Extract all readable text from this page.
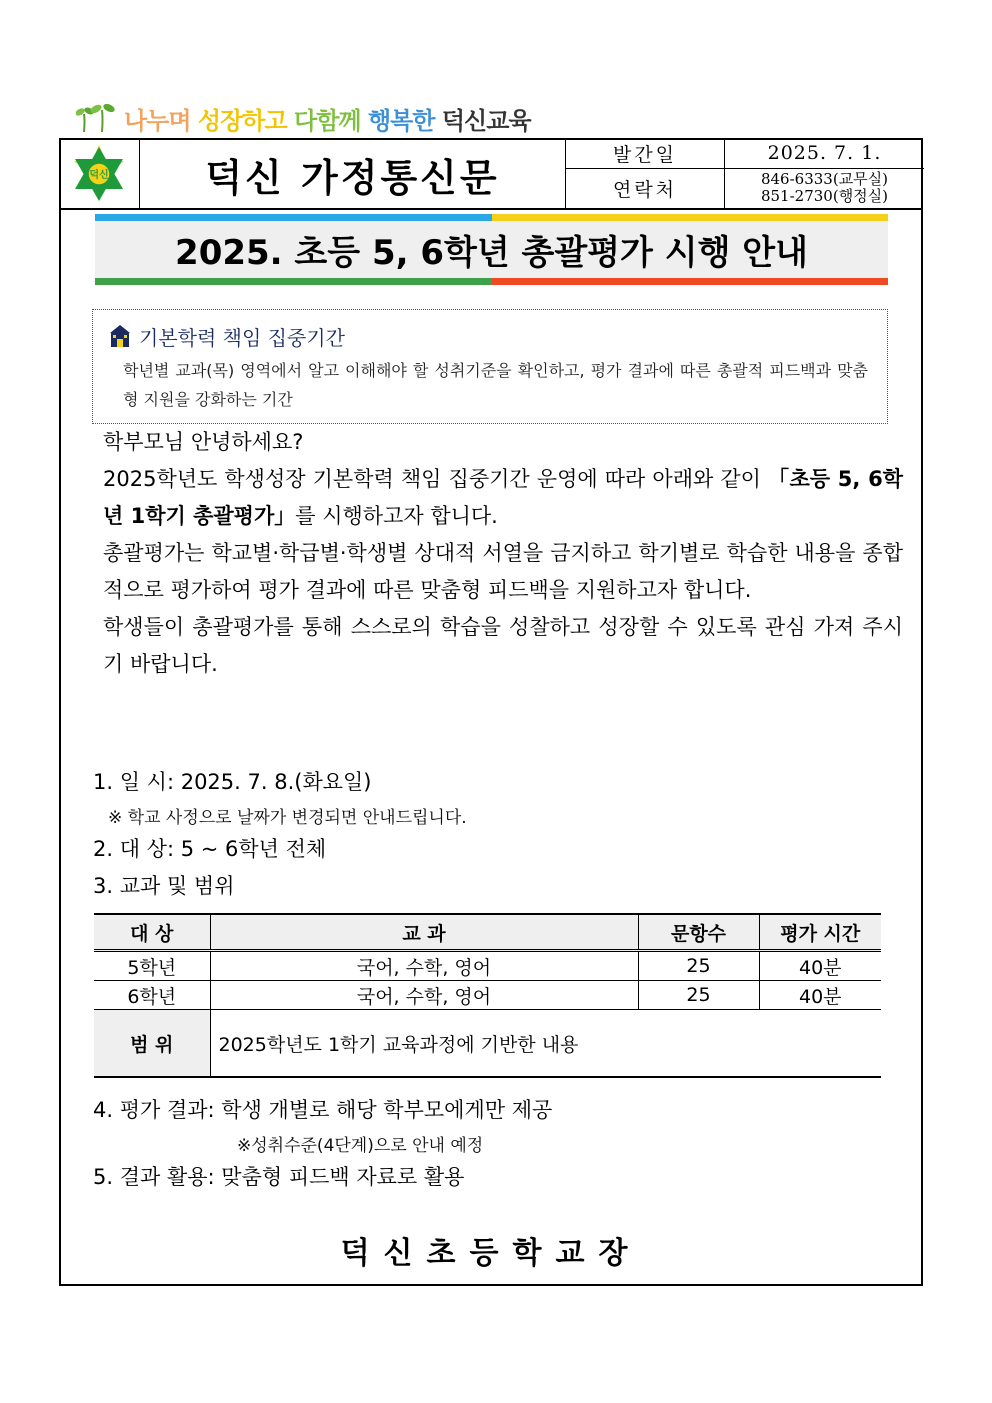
나누며 성장하고 다함께 행복한 덕신교육
덕신	덕신 가정통신문	발간일	2025. 7. 1.
연락처	846-6333(교무실)
851-2730(행정실)
2025. 초등 5, 6학년 총괄평가 시행 안내
기본학력 책임 집중기간
학년별 교과(목) 영역에서 알고 이해해야 할 성취기준을 확인하고, 평가 결과에 따른 총괄적 피드백과 맞춤형 지원을 강화하는 기간

학부모님 안녕하세요?

2025학년도 학생성장 기본학력 책임 집중기간 운영에 따라 아래와 같이 「초등 5, 6학년 1학기 총괄평가」를 시행하고자 합니다.

총괄평가는 학교별·학급별·학생별 상대적 서열을 금지하고 학기별로 학습한 내용을 종합적으로 평가하여 평가 결과에 따른 맞춤형 피드백을 지원하고자 합니다.

학생들이 총괄평가를 통해 스스로의 학습을 성찰하고 성장할 수 있도록 관심 가져 주시기 바랍니다.

1. 일 시: 2025. 7. 8.(화요일)
※ 학교 사정으로 날짜가 변경되면 안내드립니다.
2. 대 상: 5 ~ 6학년 전체
3. 교과 및 범위
대 상	교 과	문항수	평가 시간
5학년	국어, 수학, 영어	25	40분
6학년	국어, 수학, 영어	25	40분
범 위	2025학년도 1학기 교육과정에 기반한 내용		
4. 평가 결과: 학생 개별로 해당 학부모에게만 제공
※성취수준(4단계)으로 안내 예정
5. 결과 활용: 맞춤형 피드백 자료로 활용
덕신초등학교장
